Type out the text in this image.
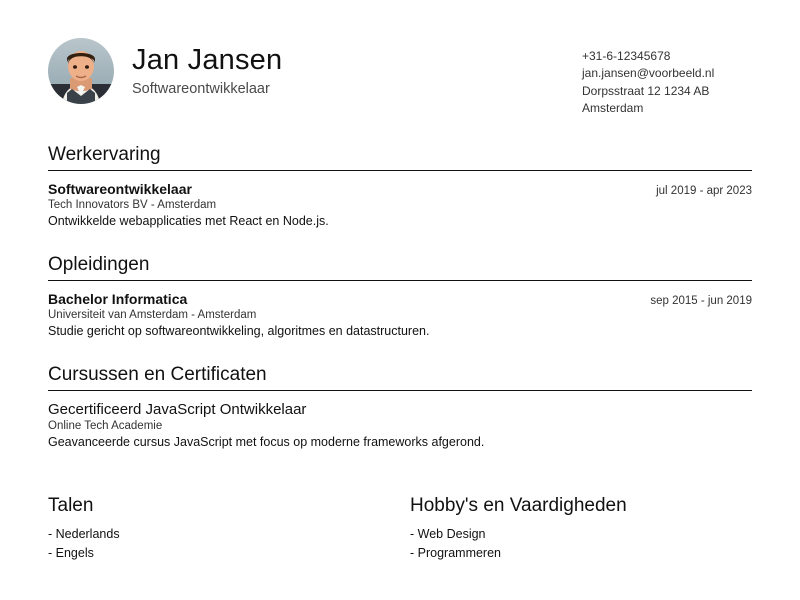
Jan Jansen
Softwareontwikkelaar
+31-6-12345678
jan.jansen@voorbeeld.nl
Dorpsstraat 12 1234 AB
Amsterdam
Werkervaring
Softwareontwikkelaar	jul 2019 - apr 2023
Tech Innovators BV - Amsterdam
Ontwikkelde webapplicaties met React en Node.js.
Opleidingen
Bachelor Informatica	sep 2015 - jun 2019
Universiteit van Amsterdam - Amsterdam
Studie gericht op softwareontwikkeling, algoritmes en datastructuren.
Cursussen en Certificaten
Gecertificeerd JavaScript Ontwikkelaar
Online Tech Academie
Geavanceerde cursus JavaScript met focus op moderne frameworks afgerond.
Talen
- Nederlands
- Engels
Hobby's en Vaardigheden
- Web Design
- Programmeren
